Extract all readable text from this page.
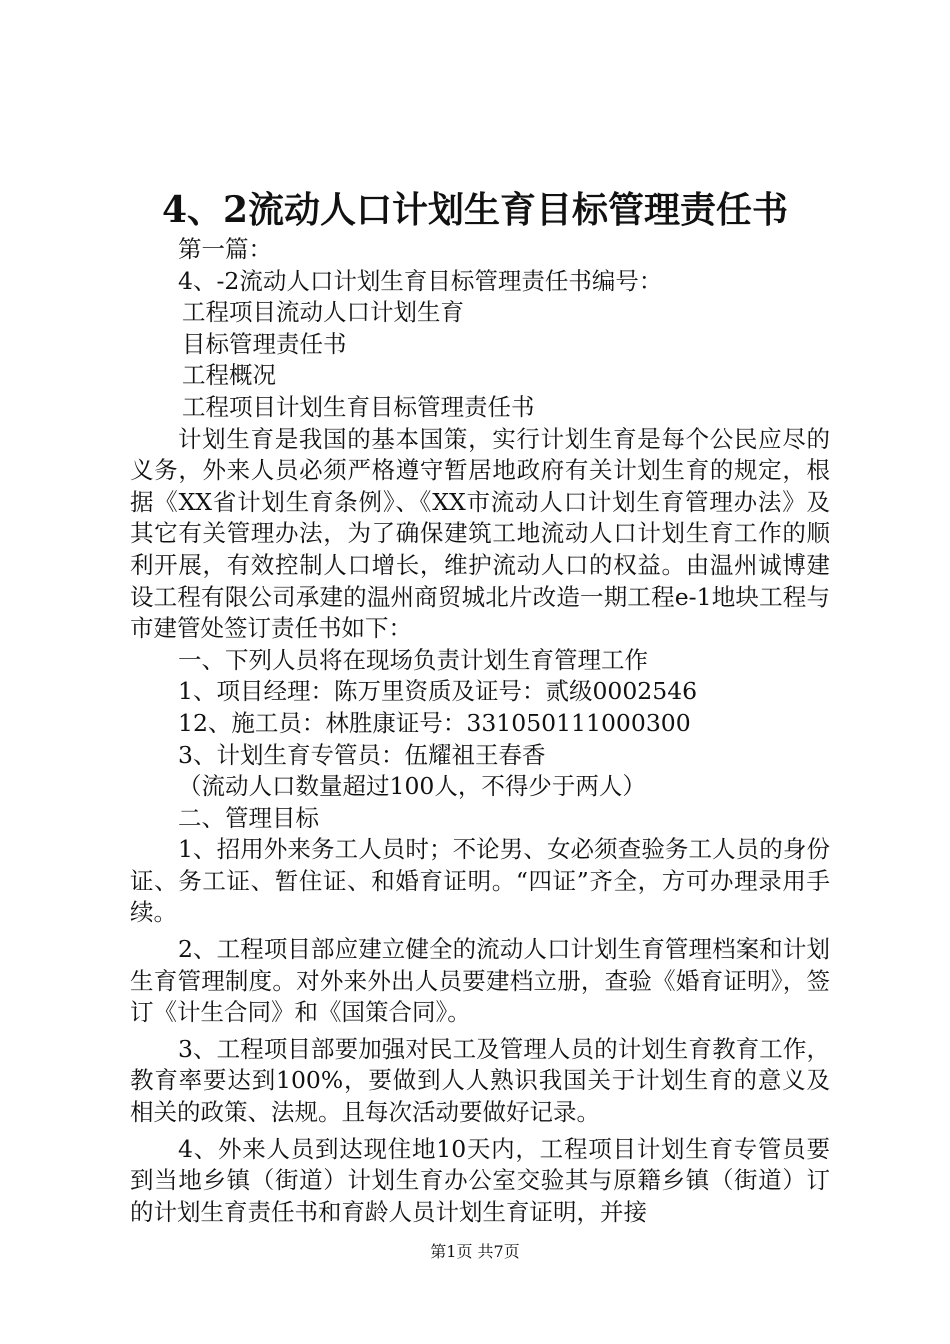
4、2流动人口计划生育目标管理责任书
第一篇：
4、-2流动人口计划生育目标管理责任书编号：
工程项目流动人口计划生育
目标管理责任书
工程概况
工程项目计划生育目标管理责任书
计划生育是我国的基本国策，实行计划生育是每个公民应尽的义务，外来人员必须严格遵守暂居地政府有关计划生育的规定，根据《XX省计划生育条例》、《XX市流动人口计划生育管理办法》及其它有关管理办法，为了确保建筑工地流动人口计划生育工作的顺利开展，有效控制人口增长，维护流动人口的权益。由温州诚博建设工程有限公司承建的温州商贸城北片改造一期工程e-1地块工程与市建管处签订责任书如下：
一、下列人员将在现场负责计划生育管理工作
1、项目经理：陈万里资质及证号：贰级0002546
12、施工员：林胜康证号：331050111000300
3、计划生育专管员：伍耀祖王春香
（流动人口数量超过100人，不得少于两人）
二、管理目标
1、招用外来务工人员时；不论男、女必须查验务工人员的身份证、务工证、暂住证、和婚育证明。“四证”齐全，方可办理录用手续。
2、工程项目部应建立健全的流动人口计划生育管理档案和计划生育管理制度。对外来外出人员要建档立册，查验《婚育证明》，签订《计生合同》和《国策合同》。
3、工程项目部要加强对民工及管理人员的计划生育教育工作，教育率要达到100%，要做到人人熟识我国关于计划生育的意义及相关的政策、法规。且每次活动要做好记录。
4、外来人员到达现住地10天内，工程项目计划生育专管员要到当地乡镇（街道）计划生育办公室交验其与原籍乡镇（街道）订的计划生育责任书和育龄人员计划生育证明，并接
第1页 共7页
